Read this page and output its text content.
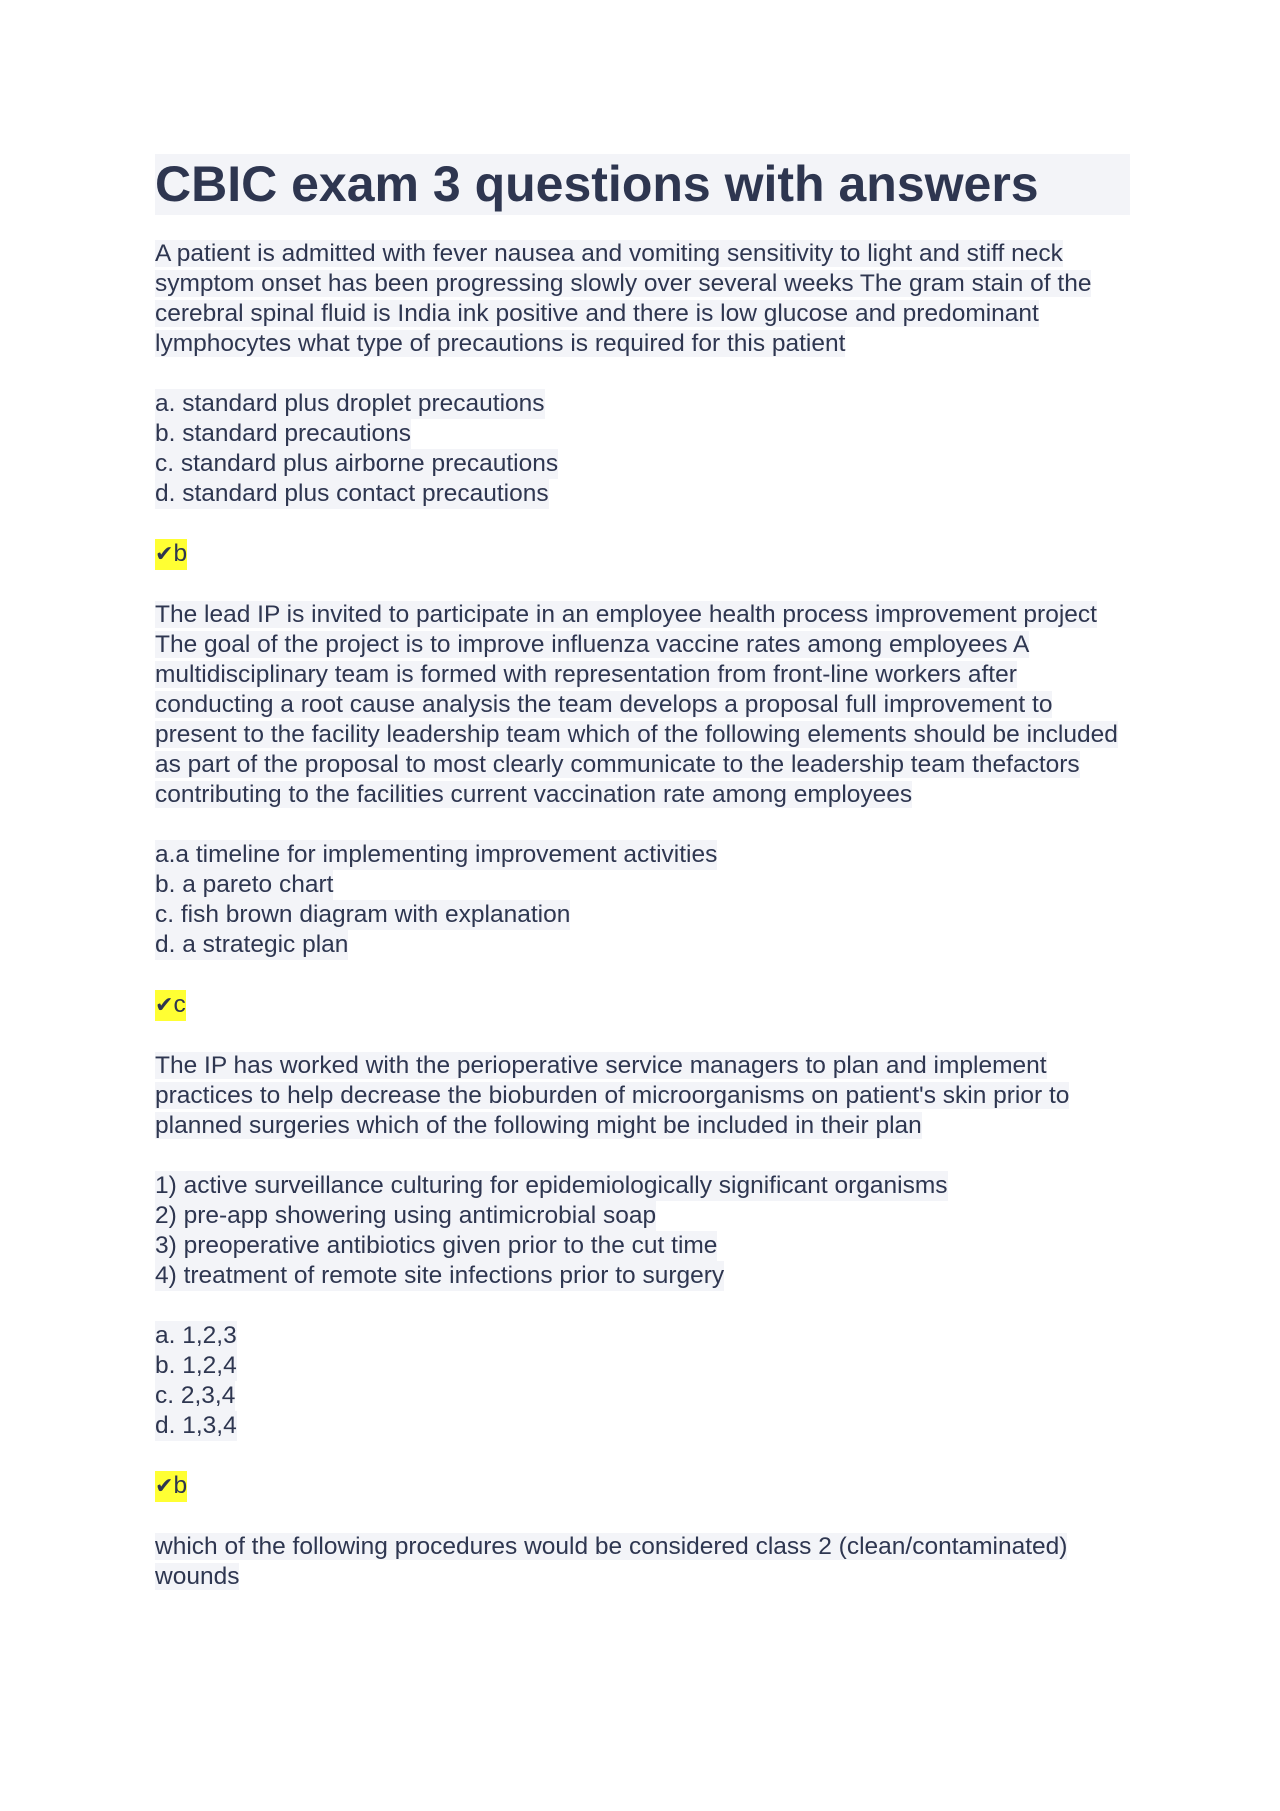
CBIC exam 3 questions with answers

A patient is admitted with fever nausea and vomiting sensitivity to light and stiff neck symptom onset has been progressing slowly over several weeks The gram stain of the cerebral spinal fluid is India ink positive and there is low glucose and predominant lymphocytes what type of precautions is required for this patient

a. standard plus droplet precautions
b. standard precautions
c. standard plus airborne precautions
d. standard plus contact precautions
✔b

The lead IP is invited to participate in an employee health process improvement project The goal of the project is to improve influenza vaccine rates among employees A multidisciplinary team is formed with representation from front-line workers after conducting a root cause analysis the team develops a proposal full improvement to present to the facility leadership team which of the following elements should be included as part of the proposal to most clearly communicate to the leadership team thefactors contributing to the facilities current vaccination rate among employees

a.a timeline for implementing improvement activities
b. a pareto chart
c. fish brown diagram with explanation
d. a strategic plan
✔c

The IP has worked with the perioperative service managers to plan and implement practices to help decrease the bioburden of microorganisms on patient's skin prior to planned surgeries which of the following might be included in their plan

1) active surveillance culturing for epidemiologically significant organisms
2) pre-app showering using antimicrobial soap
3) preoperative antibiotics given prior to the cut time
4) treatment of remote site infections prior to surgery
a. 1,2,3
b. 1,2,4
c. 2,3,4
d. 1,3,4
✔b

which of the following procedures would be considered class 2 (clean/contaminated) wounds
